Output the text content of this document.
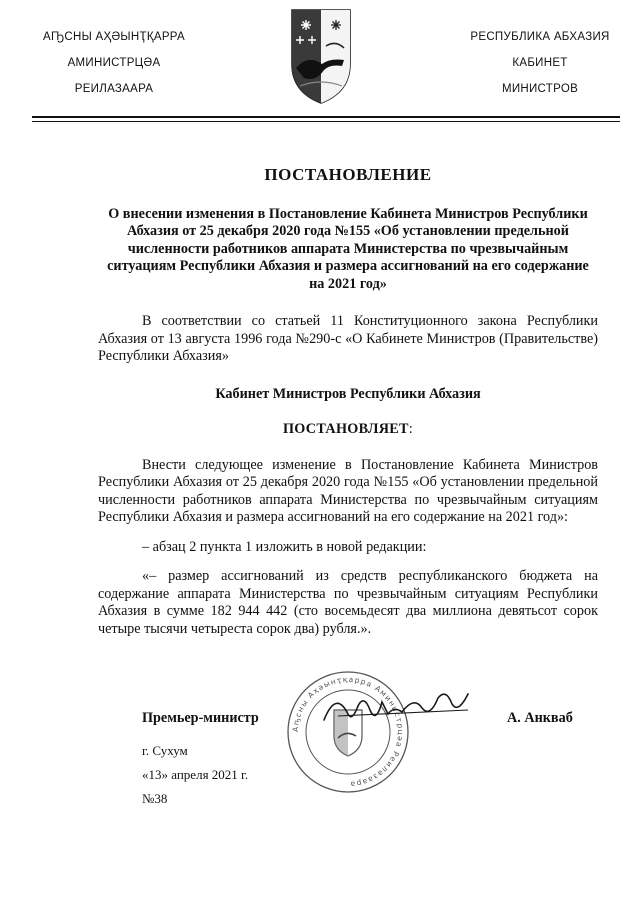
АҦСНЫ АҲӘЫНҬҚАРРА
АМИНИСТРЦӘА
РЕИЛАЗААРА
РЕСПУБЛИКА АБХАЗИЯ
КАБИНЕТ
МИНИСТРОВ
ПОСТАНОВЛЕНИЕ
О внесении изменения в Постановление Кабинета Министров Республики Абхазия от 25 декабря 2020 года №155 «Об установлении предельной численности работников аппарата Министерства по чрезвычайным ситуациям Республики Абхазия и размера ассигнований на его содержание на 2021 год»

В соответствии со статьей 11 Конституционного закона Республики Абхазия от 13 августа 1996 года №290-с «О Кабинете Министров (Правительстве) Республики Абхазия»

Кабинет Министров Республики Абхазия
ПОСТАНОВЛЯЕТ:

Внести следующее изменение в Постановление Кабинета Министров Республики Абхазия от 25 декабря 2020 года №155 «Об установлении предельной численности работников аппарата Министерства по чрезвычайным ситуациям Республики Абхазия и размера ассигнований на его содержание на 2021 год»:

– абзац 2 пункта 1 изложить в новой редакции:

«– размер ассигнований из средств республиканского бюджета на содержание аппарата Министерства по чрезвычайным ситуациям Республики Абхазия в сумме 182 944 442 (сто восемьдесят два миллиона девятьсот сорок четыре тысячи четыреста сорок два) рубля.».

Аҧсны Аҳәынҭқарра Аминистрцәа Реилазаара
Премьер-министр	А. Анкваб
г. Сухум
«13» апреля 2021 г.
№38
